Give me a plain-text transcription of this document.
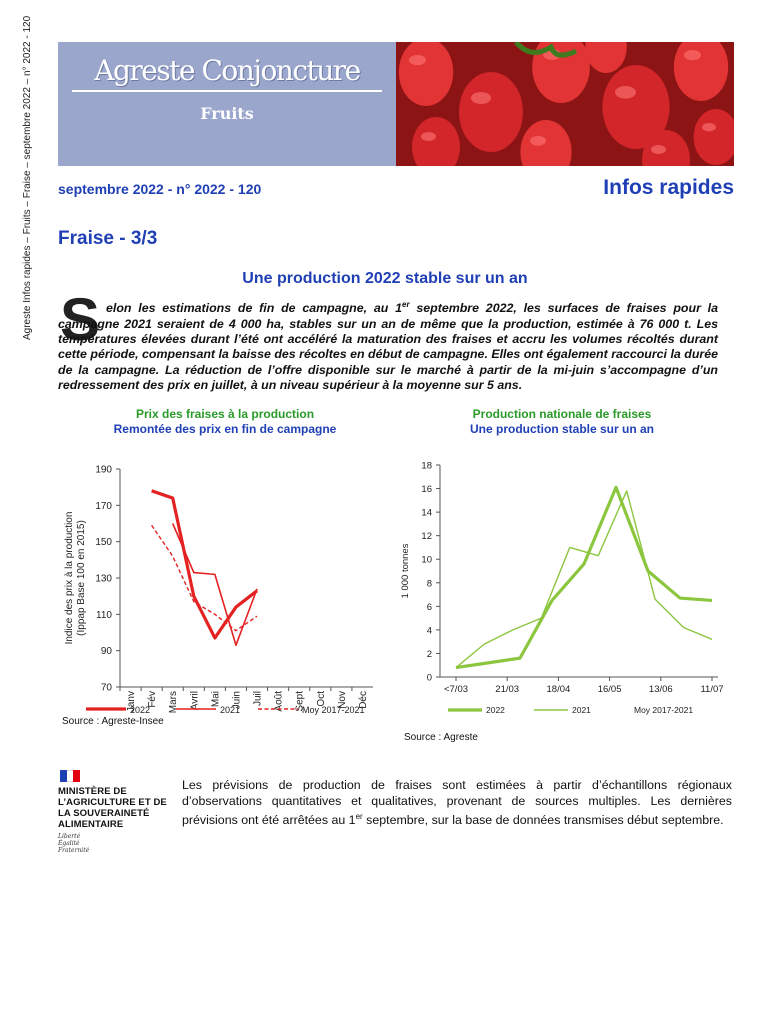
Agreste Infos rapides – Fruits – Fraise – septembre 2022 – n° 2022 - 120	Agreste Conjoncture
Fruits
septembre 2022 - n° 2022 - 120	Infos rapides
Fraise - 3/3
Une production 2022 stable sur un an
S elon les estimations de fin de campagne, au 1er septembre 2022, les surfaces de fraises pour la campagne 2021 seraient de 4 000 ha, stables sur un an de même que la production, estimée à 76 000 t. Les températures élevées durant l’été ont accéléré la maturation des fraises et accru les volumes récoltés durant cette période, compensant la baisse des récoltes en début de campagne. Elles ont également raccourci la durée de la campagne. La réduction de l’offre disponible sur le marché à partir de la mi-juin s’accompagne d’un redressement des prix en juillet, à un niveau supérieur à la moyenne sur 5 ans.
Prix des fraises à la production
Remontée des prix en fin de campagne
70
90
110
130
150
170
190
Janv Fév Mars Avril Mai Juin Juil Août Sept Oct Nov Déc
Indice des prix à la production(Ippap Base 100 en 2015)
2022	2021	Moy 2017-2021
Source : Agreste-Insee
Production nationale de fraises
Une production stable sur un an
0
2
4
6
8
10
12
14
16
18
<7/03	21/03	18/04	16/05	13/06	11/07
1 000 tonnes
2022	2021	Moy 2017-2021
Source : Agreste
MINISTÈRE DE L’AGRICULTURE ET DE LA SOUVERAINETÉ ALIMENTAIRE
Liberté
Égalité
Fraternité
Les prévisions de production de fraises sont estimées à partir d’échantillons régionaux d’observations quantitatives et qualitatives, provenant de sources multiples. Les dernières prévisions ont été arrêtées au 1er septembre, sur la base de données transmises début septembre.
